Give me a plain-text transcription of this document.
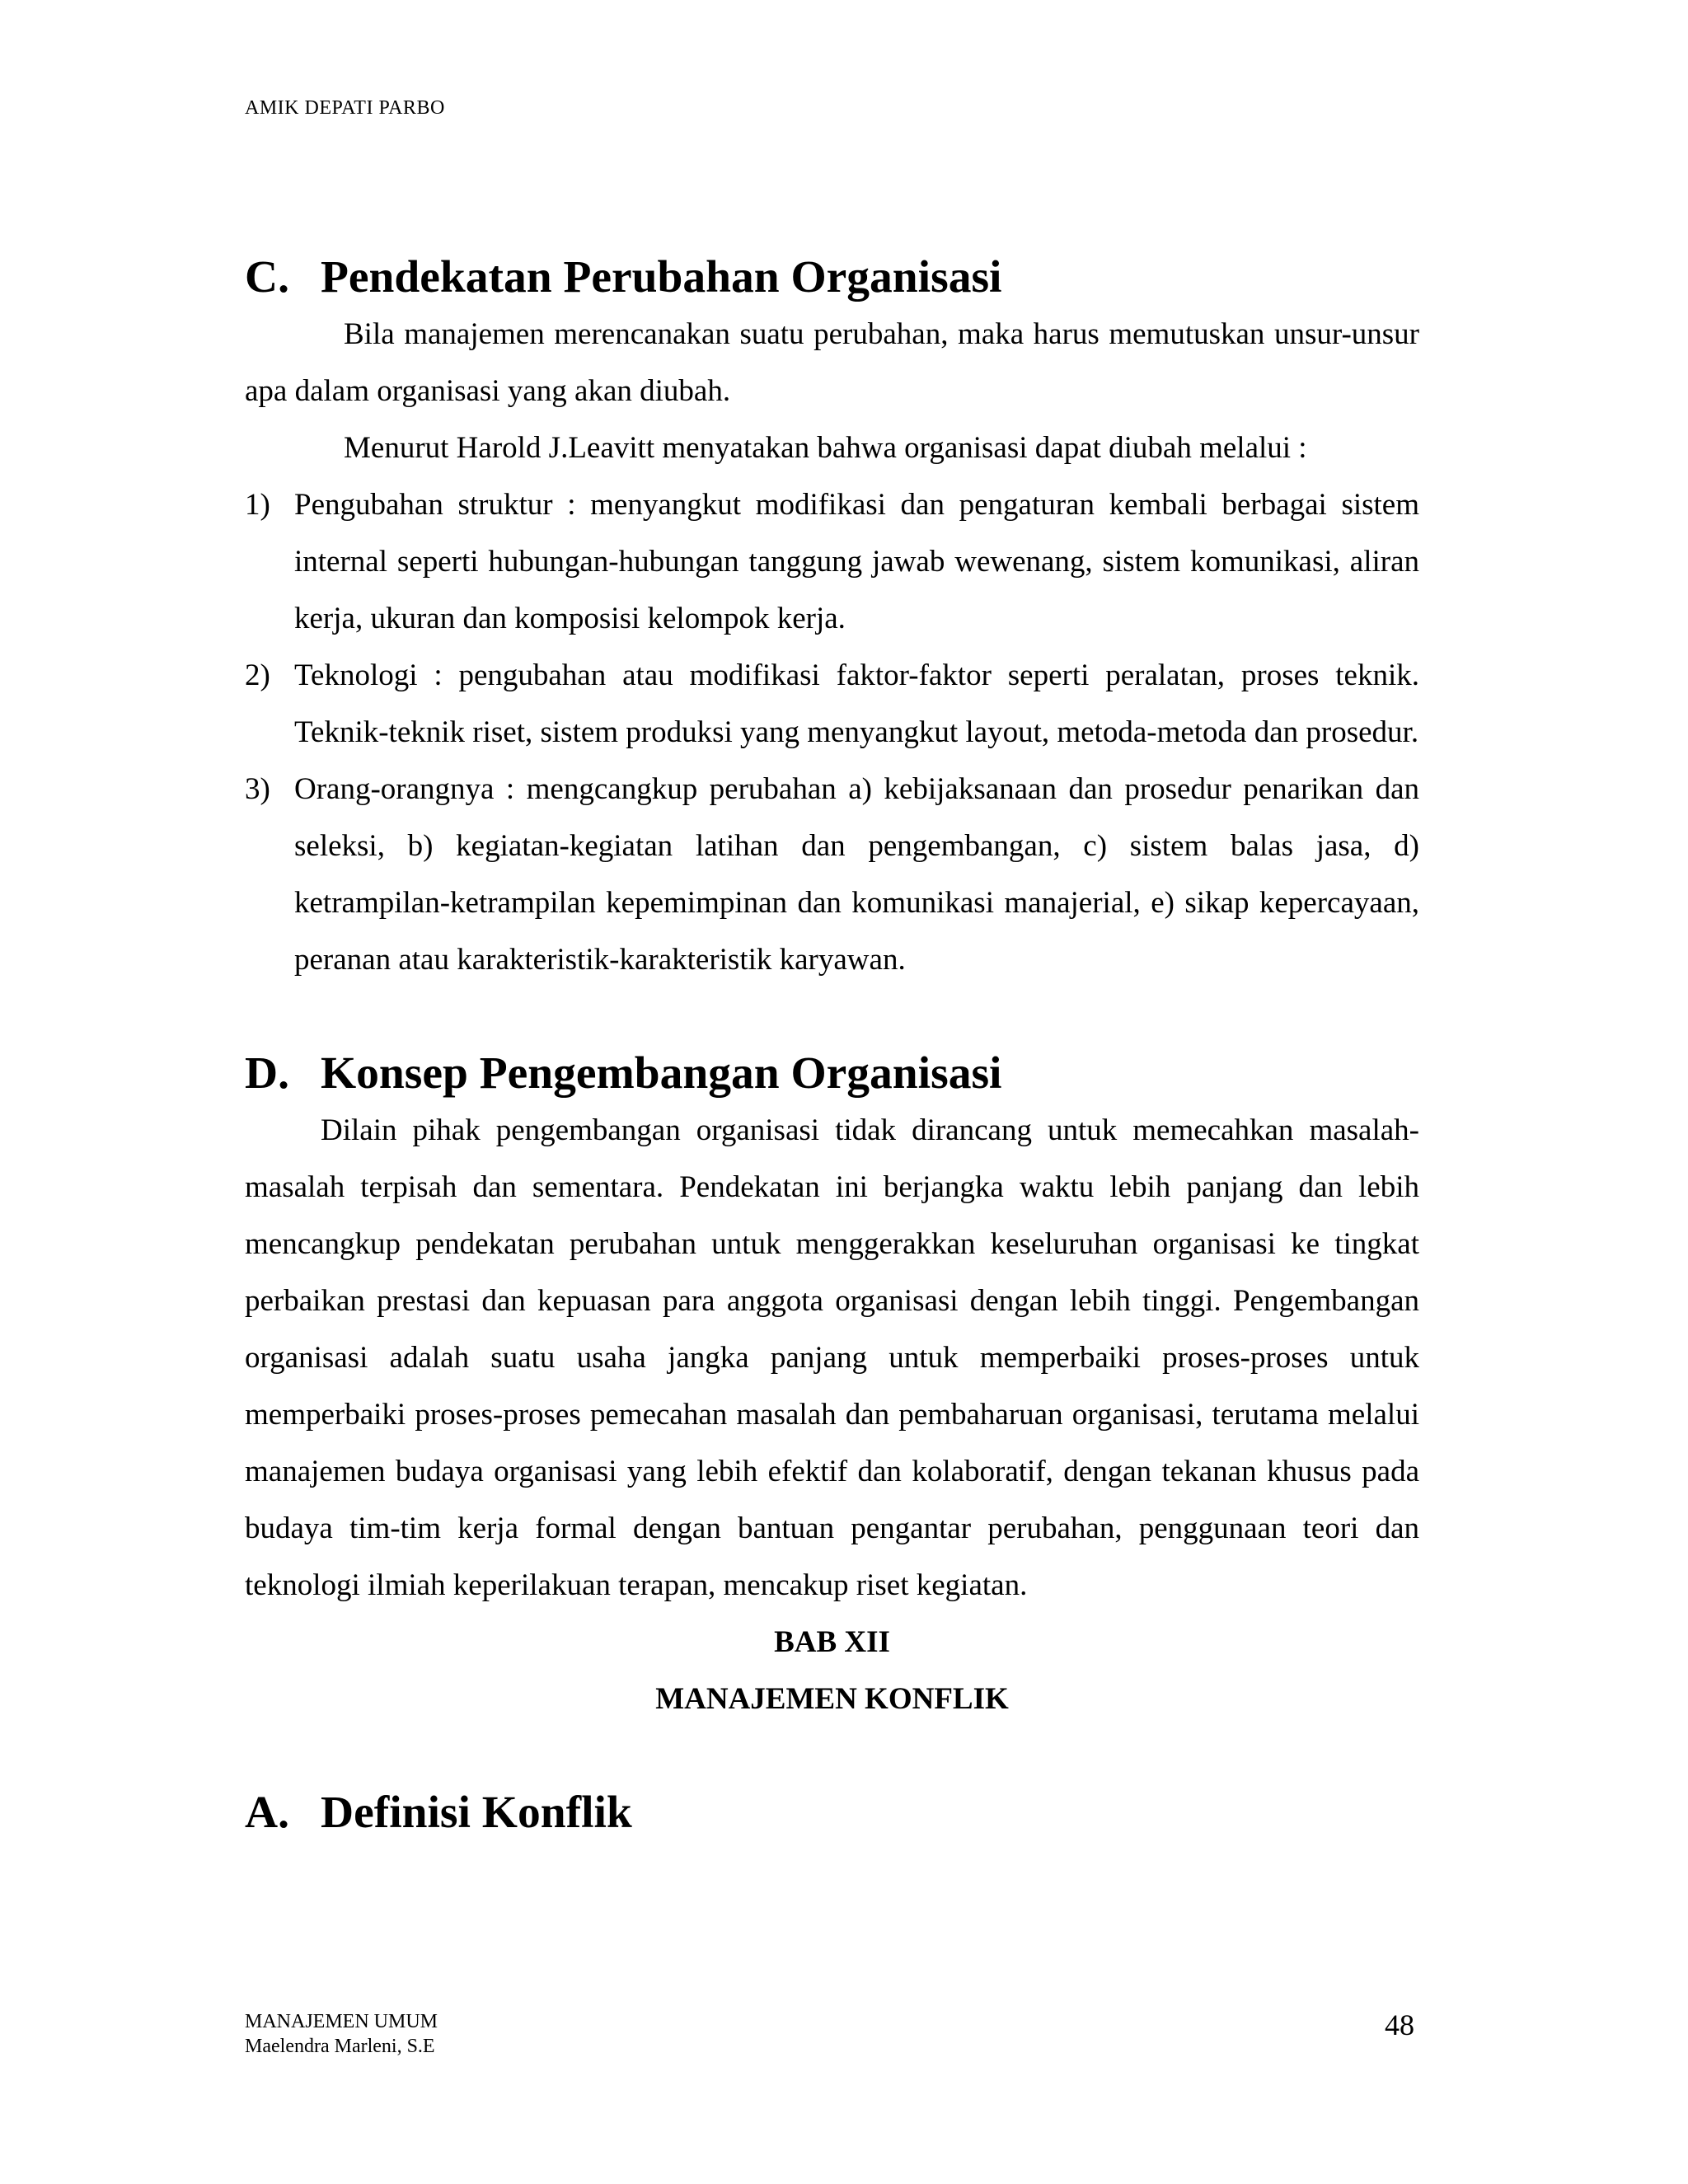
AMIK DEPATI PARBO
C. Pendekatan Perubahan Organisasi

Bila manajemen merencanakan suatu perubahan, maka harus memutuskan unsur-unsur apa dalam organisasi yang akan diubah.

Menurut Harold J.Leavitt menyatakan bahwa organisasi dapat diubah melalui :

1) Pengubahan struktur : menyangkut modifikasi dan pengaturan kembali berbagai sistem internal seperti hubungan-hubungan tanggung jawab wewenang, sistem komunikasi, aliran kerja, ukuran dan komposisi kelompok kerja.
2) Teknologi : pengubahan atau modifikasi faktor-faktor seperti peralatan, proses teknik. Teknik-teknik riset, sistem produksi yang menyangkut layout, metoda-metoda dan prosedur.
3) Orang-orangnya : mengcangkup perubahan a) kebijaksanaan dan prosedur penarikan dan seleksi, b) kegiatan-kegiatan latihan dan pengembangan, c) sistem balas jasa, d) ketrampilan-ketrampilan kepemimpinan dan komunikasi manajerial, e) sikap kepercayaan, peranan atau karakteristik-karakteristik karyawan.
D. Konsep Pengembangan Organisasi

Dilain pihak pengembangan organisasi tidak dirancang untuk memecahkan masalah-masalah terpisah dan sementara. Pendekatan ini berjangka waktu lebih panjang dan lebih mencangkup pendekatan perubahan untuk menggerakkan keseluruhan organisasi ke tingkat perbaikan prestasi dan kepuasan para anggota organisasi dengan lebih tinggi. Pengembangan organisasi adalah suatu usaha jangka panjang untuk memperbaiki proses-proses untuk memperbaiki proses-proses pemecahan masalah dan pembaharuan organisasi, terutama melalui manajemen budaya organisasi yang lebih efektif dan kolaboratif, dengan tekanan khusus pada budaya tim-tim kerja formal dengan bantuan pengantar perubahan, penggunaan teori dan teknologi ilmiah keperilakuan terapan, mencakup riset kegiatan.

BAB XII

MANAJEMEN KONFLIK

A. Definisi Konflik
MANAJEMEN UMUM
Maelendra Marleni, S.E
48
